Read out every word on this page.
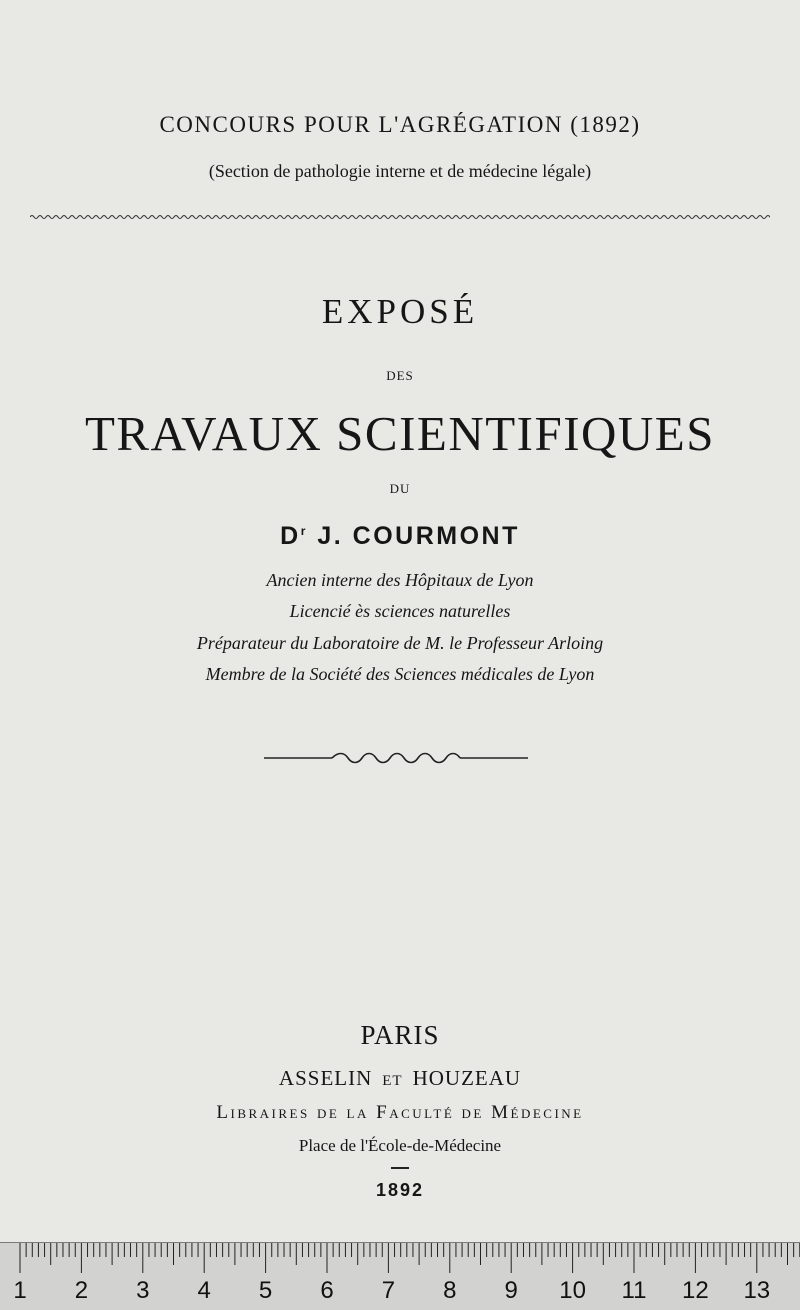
CONCOURS POUR L'AGRÉGATION (1892)
(Section de pathologie interne et de médecine légale)
EXPOSÉ
DES
TRAVAUX SCIENTIFIQUES
DU
$D^r$ J. COURMONT
Ancien interne des Hôpitaux de Lyon
Licencié ès sciences naturelles
Préparateur du Laboratoire de M. le Professeur Arloing
Membre de la Société des Sciences médicales de Lyon
PARIS
ASSELIN ET HOUZEAU
Libraires de la Faculté de Médecine
Place de l'École-de-Médecine
1892
1	2	3	4	5	6	7	8	9	10 11 12 13
